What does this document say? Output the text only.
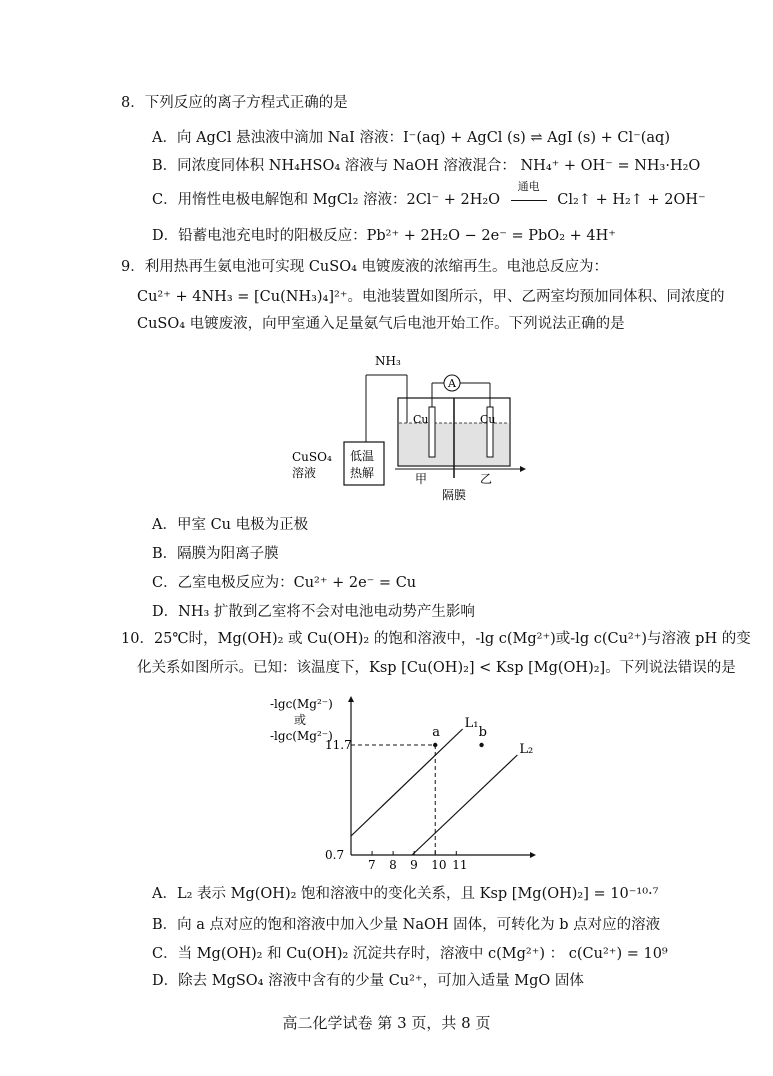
8．下列反应的离子方程式正确的是
A．向 AgCl 悬浊液中滴加 NaI 溶液：I⁻(aq) + AgCl (s) ⇌ AgI (s) + Cl⁻(aq)
B．同浓度同体积 NH₄HSO₄ 溶液与 NaOH 溶液混合： NH₄⁺ + OH⁻ = NH₃·H₂O
C．用惰性电极电解饱和 MgCl₂ 溶液：2Cl⁻ + 2H₂O
通电
Cl₂↑ + H₂↑ + 2OH⁻
D．铅蓄电池充电时的阳极反应：Pb²⁺ + 2H₂O − 2e⁻ = PbO₂ + 4H⁺
9．利用热再生氨电池可实现 CuSO₄ 电镀废液的浓缩再生。电池总反应为：
Cu²⁺ + 4NH₃ = [Cu(NH₃)₄]²⁺。电池装置如图所示，甲、乙两室均预加同体积、同浓度的
CuSO₄ 电镀废液，向甲室通入足量氨气后电池开始工作。下列说法正确的是
NH₃
A
Cu	Cu
低温
热解
CuSO₄
溶液	甲	乙
隔膜
A．甲室 Cu 电极为正极
B．隔膜为阳离子膜
C．乙室电极反应为：Cu²⁺ + 2e⁻ = Cu
D．NH₃ 扩散到乙室将不会对电池电动势产生影响
10．25℃时，Mg(OH)₂ 或 Cu(OH)₂ 的饱和溶液中，-lg c(Mg²⁺)或-lg c(Cu²⁺)与溶液 pH 的变
化关系如图所示。已知：该温度下，Ksp [Cu(OH)₂] < Ksp [Mg(OH)₂]。下列说法错误的是
-lgc(Mg²⁻)
或
-lgc(Mg²⁻)
7 8 9 10 11
0.7
11.7
L₁
L₂
a	b
A．L₂ 表示 Mg(OH)₂ 饱和溶液中的变化关系，且 Ksp [Mg(OH)₂] = 10⁻¹⁰·⁷
B．向 a 点对应的饱和溶液中加入少量 NaOH 固体，可转化为 b 点对应的溶液
C．当 Mg(OH)₂ 和 Cu(OH)₂ 沉淀共存时，溶液中 c(Mg²⁺) ： c(Cu²⁺) = 10⁹
D．除去 MgSO₄ 溶液中含有的少量 Cu²⁺，可加入适量 MgO 固体
高二化学试卷 第 3 页，共 8 页
